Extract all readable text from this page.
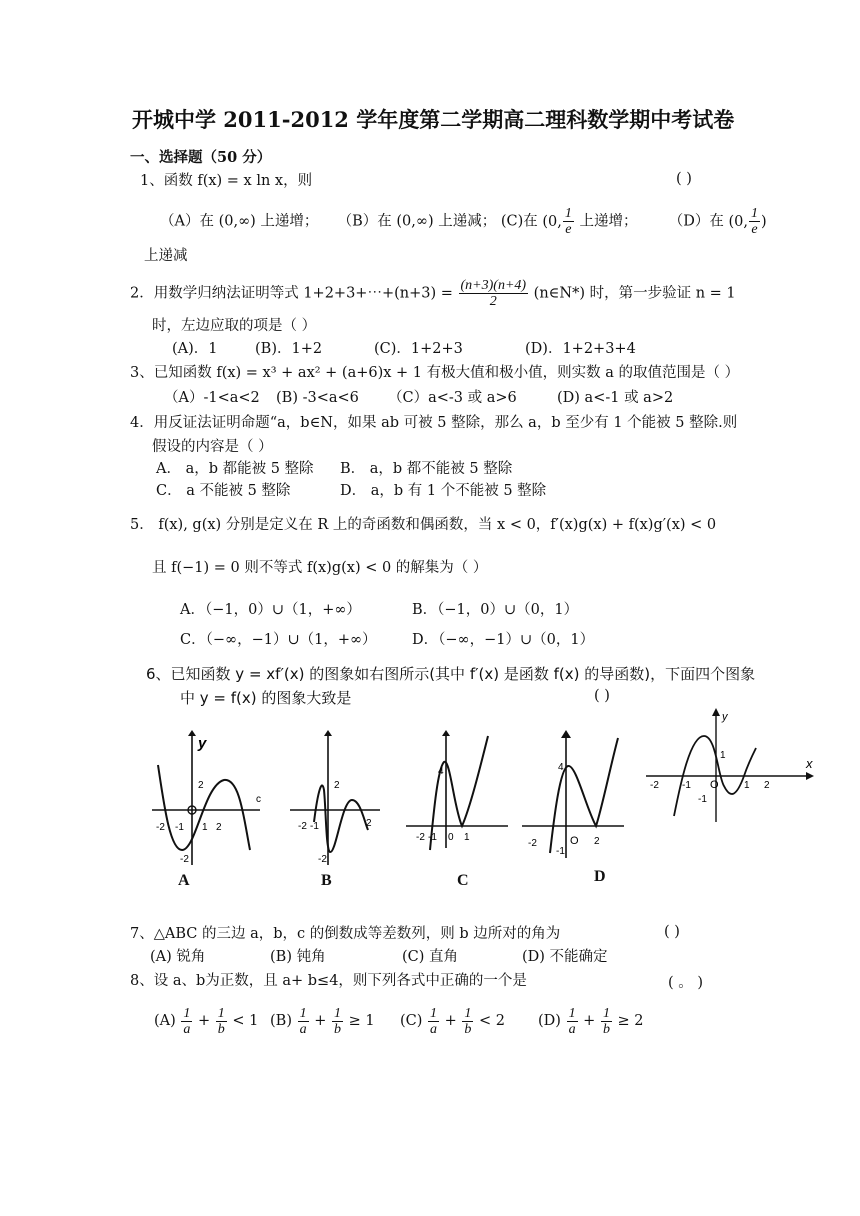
开城中学 2011-2012 学年度第二学期高二理科数学期中考试卷
一、选择题（50 分）
1、函数 f(x) = x ln x，则	( )
（A）在 (0,∞) 上递增； （B）在 (0,∞) 上递减； (C)在 (0, $\frac{1}{e}$ 上递增； （D）在 (0, $\frac{1}{e}$ )
上递减
2．用数学归纳法证明等式 1+2+3+⋯+(n+3) = $\frac{(n+3)(n+4)}{2}$ (n∈N*) 时，第一步验证 n = 1
时，左边应取的项是（ ）
(A)．1	(B)．1+2	(C)．1+2+3	(D)．1+2+3+4
3、已知函数 f(x) = x³ + ax² + (a+6)x + 1 有极大值和极小值，则实数 a 的取值范围是（ ）
（A）-1<a<2 (B) -3<a<6 （C）a<-3 或 a>6	(D) a<-1 或 a>2
4．用反证法证明命题“a，b∈N，如果 ab 可被 5 整除，那么 a，b 至少有 1 个能被 5 整除.则
假设的内容是（ ）
A． a，b 都能被 5 整除 B． a，b 都不能被 5 整除
C． a 不能被 5 整除	D． a，b 有 1 个不能被 5 整除
5． f(x), g(x) 分别是定义在 R 上的奇函数和偶函数，当 x < 0，f′(x)g(x) + f(x)g′(x) < 0
且 f(−1) = 0 则不等式 f(x)g(x) < 0 的解集为（ ）
A．（−1，0）∪（1，+∞）	B．（−1，0）∪（0，1）
C．（−∞，−1）∪（1，+∞） D．（−∞，−1）∪（0，1）
6、已知函数 y = xf′(x) 的图象如右图所示(其中 f′(x) 是函数 f(x) 的导函数)，下面四个图象
中 y = f(x) 的图象大致是	( )
y
-2 -1 1 2
2
-2
c
A
-2 -1
2
2
-2
B
4
-2 -1 0 1
C
4
-2
-1
O 2
D
y
x
-2 -1 O	1 2
1
-1
7、△ABC 的三边 a，b，c 的倒数成等差数列，则 b 边所对的角为	( )
(A) 锐角	(B) 钝角	(C) 直角	(D) 不能确定
8、设 a、b为正数，且 a+ b≤4，则下列各式中正确的一个是	( 。 )
$(A) \frac{1}{a} + \frac{1}{b} < 1$ $(B) \frac{1}{a} + \frac{1}{b} \ge 1$ $(C) \frac{1}{a} + \frac{1}{b} < 2$ $(D) \frac{1}{a} + \frac{1}{b} \ge 2$
